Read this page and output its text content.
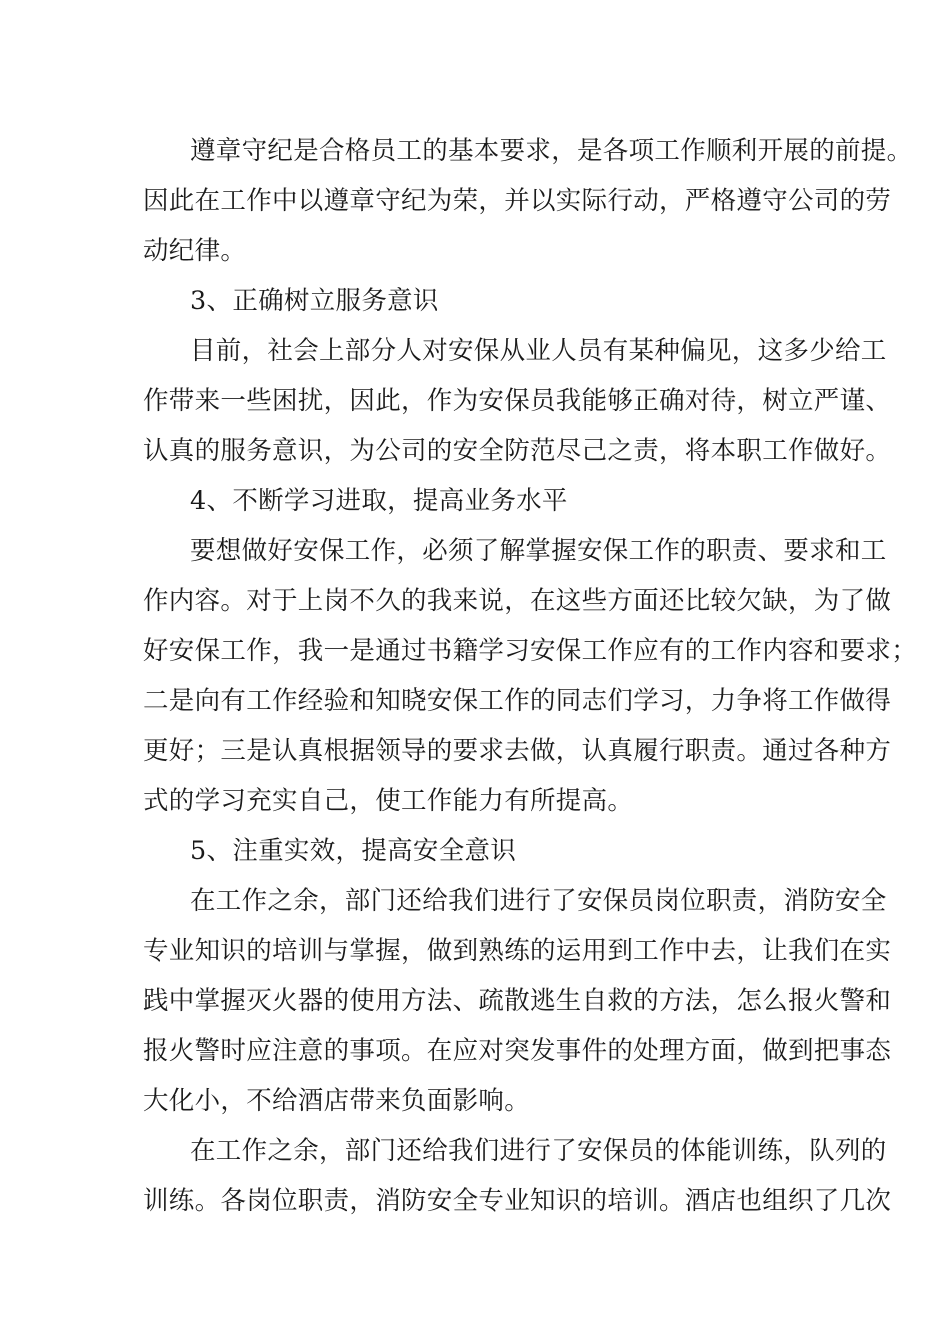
遵章守纪是合格员工的基本要求，是各项工作顺利开展的前提。
因此在工作中以遵章守纪为荣，并以实际行动，严格遵守公司的劳
动纪律。
3、正确树立服务意识
目前，社会上部分人对安保从业人员有某种偏见，这多少给工
作带来一些困扰，因此，作为安保员我能够正确对待，树立严谨、
认真的服务意识，为公司的安全防范尽己之责，将本职工作做好。
4、不断学习进取，提高业务水平
要想做好安保工作，必须了解掌握安保工作的职责、要求和工
作内容。对于上岗不久的我来说，在这些方面还比较欠缺，为了做
好安保工作，我一是通过书籍学习安保工作应有的工作内容和要求；
二是向有工作经验和知晓安保工作的同志们学习，力争将工作做得
更好；三是认真根据领导的要求去做，认真履行职责。通过各种方
式的学习充实自己，使工作能力有所提高。
5、注重实效，提高安全意识
在工作之余，部门还给我们进行了安保员岗位职责，消防安全
专业知识的培训与掌握，做到熟练的运用到工作中去，让我们在实
践中掌握灭火器的使用方法、疏散逃生自救的方法，怎么报火警和
报火警时应注意的事项。在应对突发事件的处理方面，做到把事态
大化小，不给酒店带来负面影响。
在工作之余，部门还给我们进行了安保员的体能训练，队列的
训练。各岗位职责，消防安全专业知识的培训。酒店也组织了几次
